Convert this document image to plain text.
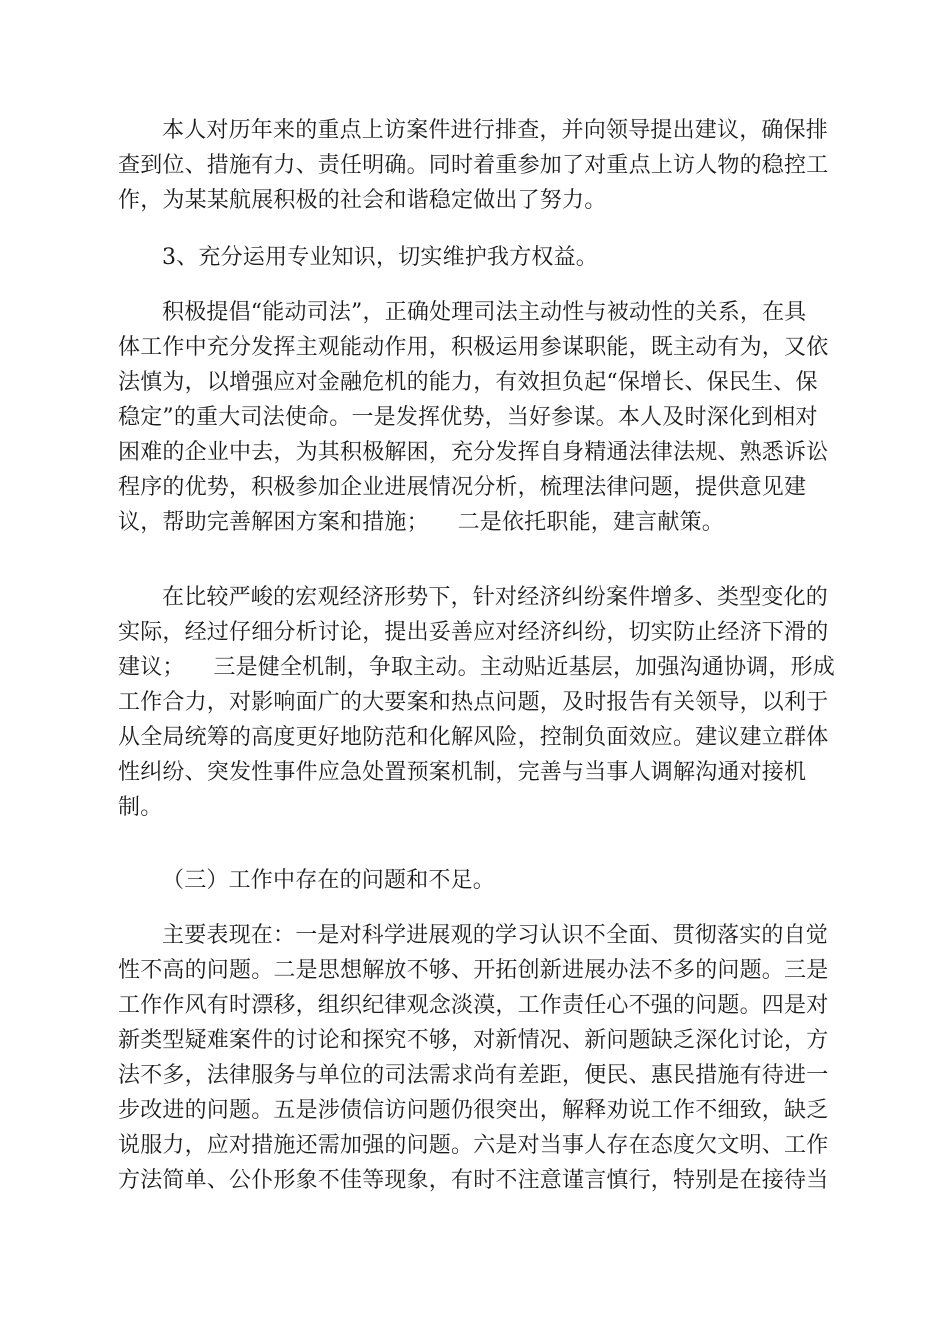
本人对历年来的重点上访案件进行排查，并向领导提出建议，确保排
查到位、措施有力、责任明确。同时着重参加了对重点上访人物的稳控工
作，为某某航展积极的社会和谐稳定做出了努力。

3、充分运用专业知识，切实维护我方权益。

积极提倡“能动司法”，正确处理司法主动性与被动性的关系，在具
体工作中充分发挥主观能动作用，积极运用参谋职能，既主动有为，又依
法慎为，以增强应对金融危机的能力，有效担负起“保增长、保民生、保
稳定”的重大司法使命。一是发挥优势，当好参谋。本人及时深化到相对
困难的企业中去，为其积极解困，充分发挥自身精通法律法规、熟悉诉讼
程序的优势，积极参加企业进展情况分析，梳理法律问题，提供意见建
议，帮助完善解困方案和措施；    二是依托职能，建言献策。

在比较严峻的宏观经济形势下，针对经济纠纷案件增多、类型变化的
实际，经过仔细分析讨论，提出妥善应对经济纠纷，切实防止经济下滑的
建议；    三是健全机制，争取主动。主动贴近基层，加强沟通协调，形成
工作合力，对影响面广的大要案和热点问题，及时报告有关领导，以利于
从全局统筹的高度更好地防范和化解风险，控制负面效应。建议建立群体
性纠纷、突发性事件应急处置预案机制，完善与当事人调解沟通对接机
制。

（三）工作中存在的问题和不足。

主要表现在：一是对科学进展观的学习认识不全面、贯彻落实的自觉
性不高的问题。二是思想解放不够、开拓创新进展办法不多的问题。三是
工作作风有时漂移，组织纪律观念淡漠，工作责任心不强的问题。四是对
新类型疑难案件的讨论和探究不够，对新情况、新问题缺乏深化讨论，方
法不多，法律服务与单位的司法需求尚有差距，便民、惠民措施有待进一
步改进的问题。五是涉债信访问题仍很突出，解释劝说工作不细致，缺乏
说服力，应对措施还需加强的问题。六是对当事人存在态度欠文明、工作
方法简单、公仆形象不佳等现象，有时不注意谨言慎行，特别是在接待当
